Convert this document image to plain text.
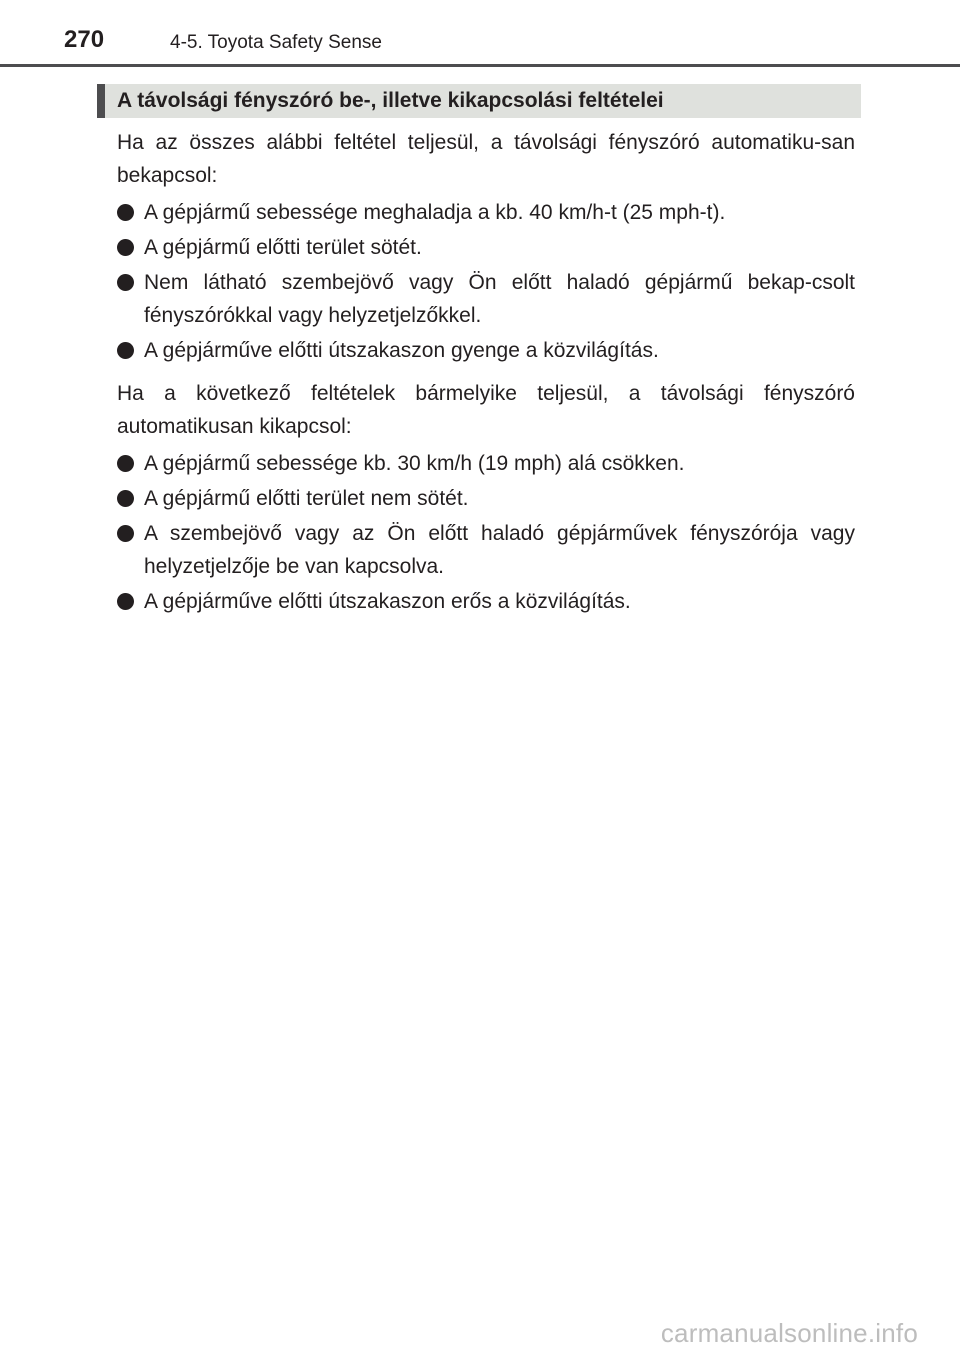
270	4-5. Toyota Safety Sense
A távolsági fényszóró be-, illetve kikapcsolási feltételei

Ha az összes alábbi feltétel teljesül, a távolsági fényszóró automatiku-san bekapcsol:

A gépjármű sebessége meghaladja a kb. 40 km/h-t (25 mph-t).
A gépjármű előtti terület sötét.
Nem látható szembejövő vagy Ön előtt haladó gépjármű bekap-csolt fényszórókkal vagy helyzetjelzőkkel.
A gépjárműve előtti útszakaszon gyenge a közvilágítás.

Ha a következő feltételek bármelyike teljesül, a távolsági fényszóró automatikusan kikapcsol:

A gépjármű sebessége kb. 30 km/h (19 mph) alá csökken.
A gépjármű előtti terület nem sötét.
A szembejövő vagy az Ön előtt haladó gépjárművek fényszórója vagy helyzetjelzője be van kapcsolva.
A gépjárműve előtti útszakaszon erős a közvilágítás.
carmanualsonline.info
